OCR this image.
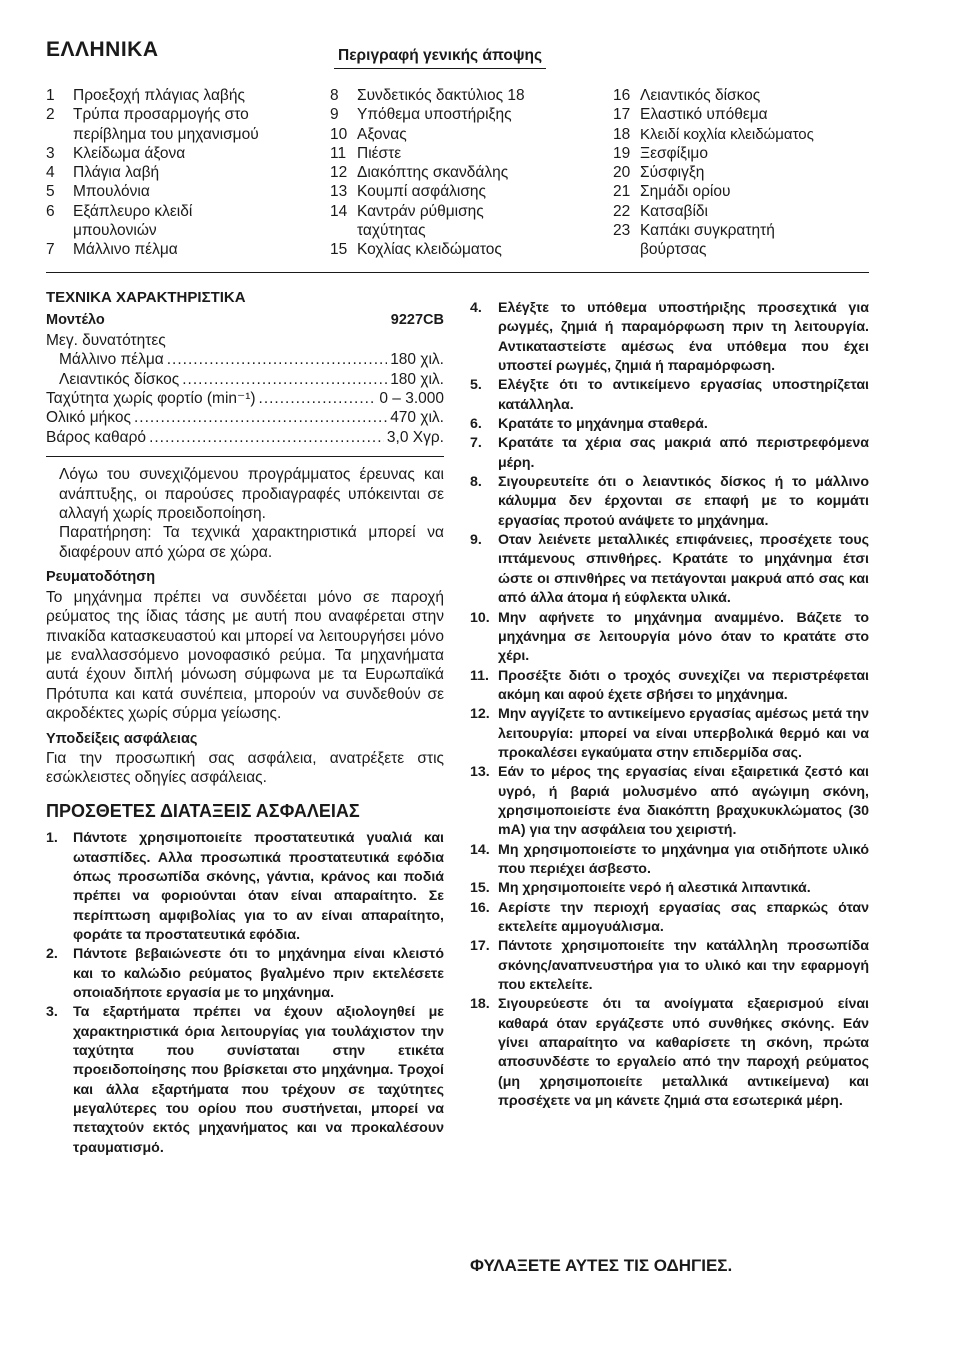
ΕΛΛΗΝΙΚΑ	Περιγραφή γενικής άποψης
1	Προεξοχή πλάγιας λαβής
2	Τρύπα προσαρμογής στο περίβλημα του μηχανισμού
3	Κλείδωμα άξονα
4	Πλάγια λαβή
5	Μπουλόνια
6	Εξάπλευρο κλειδί μπουλονιών
7	Μάλλινο πέλμα
8	Συνδετικός δακτύλιος 18
9	Υπόθεμα υποστήριξης
10 Αξονας
11 Πιέστε
12 Διακόπτης σκανδάλης
13 Κουμπί ασφάλισης
14 Καντράν ρύθμισης ταχύτητας
15 Κοχλίας κλειδώματος
16 Λειαντικός δίσκος
17 Ελαστικό υπόθεμα
18 Κλειδί κοχλία κλειδώματος
19 Ξεσφίξιμο
20 Σύσφιγξη
21 Σημάδι ορίου
22 Κατσαβίδι
23 Καπάκι συγκρατητή βούρτσας
ΤΕΧΝΙΚΑ ΧΑΡΑΚΤΗΡΙΣΤΙΚΑ
Μοντέλο	9227CB
Μεγ. δυνατότητες
Μάλλινο πέλμα .....	180 χιλ.
Λειαντικός δίσκος .....	180 χιλ.
Ταχύτητα χωρίς φορτίο (min⁻¹) .....	0 – 3.000
Ολικό μήκος .....	470 χιλ.
Βάρος καθαρό .....	3,0 Χγρ.
Λόγω του συνεχιζόμενου προγράμματος έρευνας και ανάπτυξης, οι παρούσες προδιαγραφές υπόκεινται σε αλλαγή χωρίς προειδοποίηση.
Παρατήρηση: Τα τεχνικά χαρακτηριστικά μπορεί να διαφέρουν από χώρα σε χώρα.
Ρευματοδότηση
Το μηχάνημα πρέπει να συνδέεται μόνο σε παροχή ρεύματος της ίδιας τάσης με αυτή που αναφέρεται στην πινακίδα κατασκευαστού και μπορεί να λειτουργήσει μόνο με εναλλασσόμενο μονοφασικό ρεύμα. Τα μηχανήματα αυτά έχουν διπλή μόνωση σύμφωνα με τα Ευρωπαϊκά Πρότυπα και κατά συνέπεια, μπορούν να συνδεθούν σε ακροδέκτες χωρίς σύρμα γείωσης.
Υποδείξεις ασφάλειας
Για την προσωπική σας ασφάλεια, ανατρέξετε στις εσώκλειστες οδηγίες ασφάλειας.
ΠΡΟΣΘΕΤΕΣ ΔΙΑΤΑΞΕΙΣ ΑΣΦΑΛΕΙΑΣ
1.	Πάντοτε χρησιμοποιείτε προστατευτικά γυαλιά και ωτασπίδες. Αλλα προσωπικά προστατευτικά εφόδια όπως προσωπίδα σκόνης, γάντια, κράνος και ποδιά πρέπει να φοριούνται όταν είναι απαραίτητο. Σε περίπτωση αμφιβολίας για το αν είναι απαραίτητο, φοράτε τα προστατευτικά εφόδια.
2.	Πάντοτε βεβαιώνεστε ότι το μηχάνημα είναι κλειστό και το καλώδιο ρεύματος βγαλμένο πριν εκτελέσετε οποιαδήποτε εργασία με το μηχάνημα.
3.	Τα εξαρτήματα πρέπει να έχουν αξιολογηθεί με χαρακτηριστικά όρια λειτουργίας για τουλάχιστον την ταχύτητα που συνίσταται στην ετικέτα προειδοποίησης που βρίσκεται στο μηχάνημα. Τροχοί και άλλα εξαρτήματα που τρέχουν σε ταχύτητες μεγαλύτερες του ορίου που συστήνεται, μπορεί να πεταχτούν εκτός μηχανήματος και να προκαλέσουν τραυματισμό.
4.	Ελέγξτε το υπόθεμα υποστήριξης προσεχτικά για ρωγμές, ζημιά ή παραμόρφωση πριν τη λειτουργία. Αντικαταστείστε αμέσως ένα υπόθεμα που έχει υποστεί ρωγμές, ζημιά ή παραμόρφωση.
5.	Ελέγξτε ότι το αντικείμενο εργασίας υποστηρίζεται κατάλληλα.
6.	Κρατάτε το μηχάνημα σταθερά.
7.	Κρατάτε τα χέρια σας μακριά από περιστρεφόμενα μέρη.
8.	Σιγουρευτείτε ότι ο λειαντικός δίσκος ή το μάλλινο κάλυμμα δεν έρχονται σε επαφή με το κομμάτι εργασίας προτού ανάψετε το μηχάνημα.
9.	Οταν λειένετε μεταλλικές επιφάνειες, προσέχετε τους ιπτάμενους σπινθήρες. Κρατάτε το μηχάνημα έτσι ώστε οι σπινθήρες να πετάγονται μακρυά από σας και από άλλα άτομα ή εύφλεκτα υλικά.
10. Μην αφήνετε το μηχάνημα αναμμένο. Βάζετε το μηχάνημα σε λειτουργία μόνο όταν το κρατάτε στο χέρι.
11. Προσέξτε διότι ο τροχός συνεχίζει να περιστρέφεται ακόμη και αφού έχετε σβήσει το μηχάνημα.
12. Μην αγγίζετε το αντικείμενο εργασίας αμέσως μετά την λειτουργία: μπορεί να είναι υπερβολικά θερμό και να προκαλέσει εγκαύματα στην επιδερμίδα σας.
13. Εάν το μέρος της εργασίας είναι εξαιρετικά ζεστό και υγρό, ή βαριά μολυσμένο από αγώγιμη σκόνη, χρησιμοποιείστε ένα διακόπτη βραχυκυκλώματος (30 mA) για την ασφάλεια του χειριστή.
14. Μη χρησιμοποιείστε το μηχάνημα για οτιδήποτε υλικό που περιέχει άσβεστο.
15. Μη χρησιμοποιείτε νερό ή αλεστικά λιπαντικά.
16. Αερίστε την περιοχή εργασίας σας επαρκώς όταν εκτελείτε αμμογυάλισμα.
17. Πάντοτε χρησιμοποιείτε την κατάλληλη προσωπίδα σκόνης/αναπνευστήρα για το υλικό και την εφαρμογή που εκτελείτε.
18. Σιγουρεύεστε ότι τα ανοίγματα εξαερισμού είναι καθαρά όταν εργάζεστε υπό συνθήκες σκόνης. Εάν γίνει απαραίτητο να καθαρίσετε τη σκόνη, πρώτα αποσυνδέστε το εργαλείο από την παροχή ρεύματος (μη χρησιμοποιείτε μεταλλικά αντικείμενα) και προσέχετε να μη κάνετε ζημιά στα εσωτερικά μέρη.
ΦΥΛΑΞΕΤΕ ΑΥΤΕΣ ΤΙΣ ΟΔΗΓΙΕΣ.
